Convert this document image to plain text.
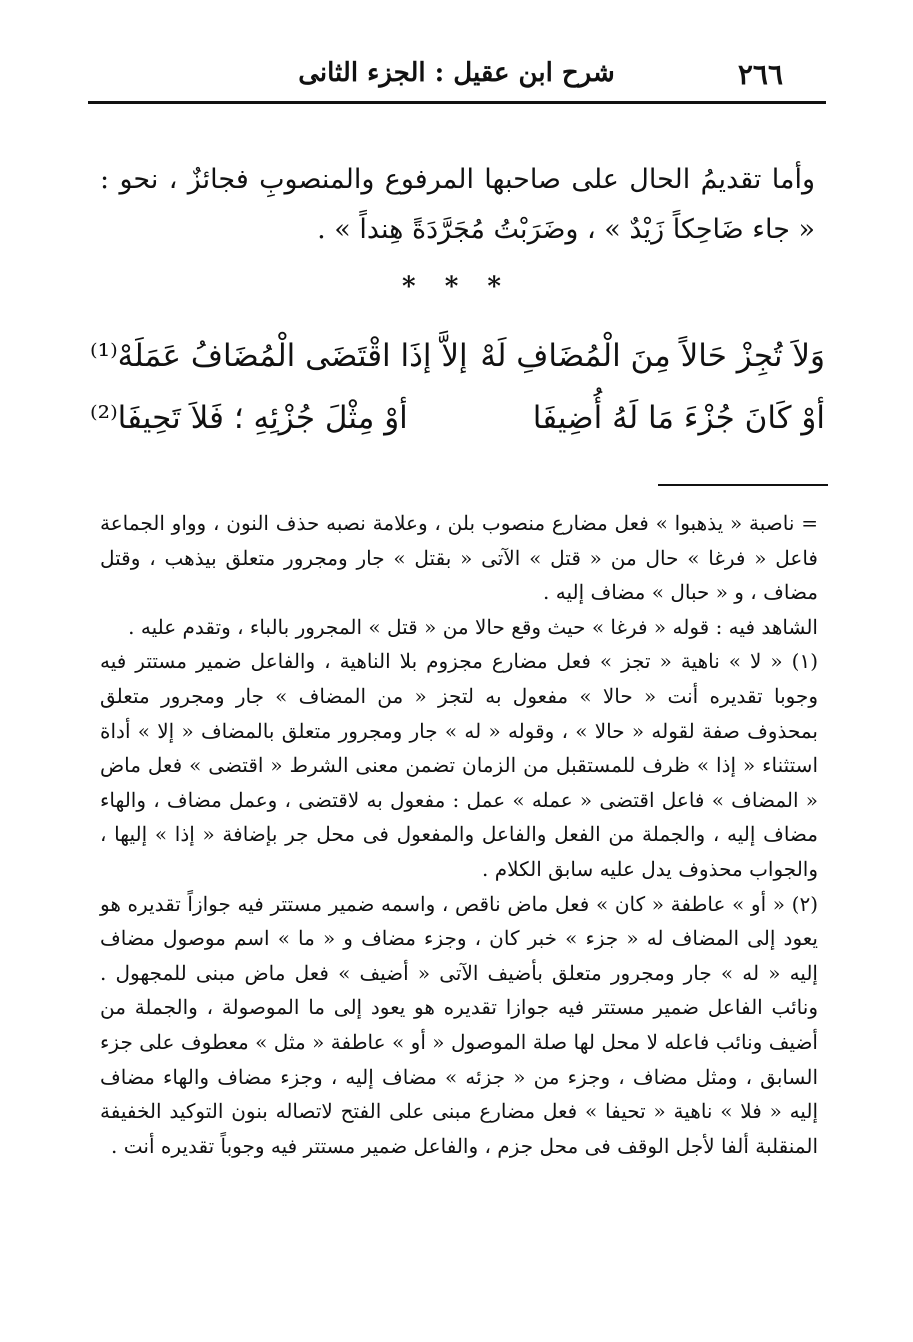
٢٦٦
شرح ابن عقيل : الجزء الثانى

وأما تقديمُ الحال على صاحبها المرفوع والمنصوبِ فجائزٌ ، نحو : « جاء ضَاحِكاً زَيْدٌ » ، وضَرَبْتُ مُجَرَّدَةً هِنداً » .

* * *
وَلاَ تُجِزْ حَالاً مِنَ الْمُضَافِ لَهْ
إلاَّ إذَا اقْتَضَى الْمُضَافُ عَمَلَهْ⁽¹⁾
أوْ كَانَ جُزْءَ مَا لَهُ أُضِيفَا
أوْ مِثْلَ جُزْئِهِ ؛ فَلاَ تَحِيفَا⁽²⁾

= ناصبة « يذهبوا » فعل مضارع منصوب بلن ، وعلامة نصبه حذف النون ، وواو الجماعة فاعل « فرغا » حال من « قتل » الآتى « بقتل » جار ومجرور متعلق بيذهب ، وقتل مضاف ، و « حبال » مضاف إليه .

الشاهد فيه : قوله « فرغا » حيث وقع حالا من « قتل » المجرور بالباء ، وتقدم عليه .

(١) « لا » ناهية « تجز » فعل مضارع مجزوم بلا الناهية ، والفاعل ضمير مستتر فيه وجوبا تقديره أنت « حالا » مفعول به لتجز « من المضاف » جار ومجرور متعلق بمحذوف صفة لقوله « حالا » ، وقوله « له » جار ومجرور متعلق بالمضاف « إلا » أداة استثناء « إذا » ظرف للمستقبل من الزمان تضمن معنى الشرط « اقتضى » فعل ماض « المضاف » فاعل اقتضى « عمله » عمل : مفعول به لاقتضى ، وعمل مضاف ، والهاء مضاف إليه ، والجملة من الفعل والفاعل والمفعول فى محل جر بإضافة « إذا » إليها ، والجواب محذوف يدل عليه سابق الكلام .

(٢) « أو » عاطفة « كان » فعل ماض ناقص ، واسمه ضمير مستتر فيه جوازاً تقديره هو يعود إلى المضاف له « جزء » خبر كان ، وجزء مضاف و « ما » اسم موصول مضاف إليه « له » جار ومجرور متعلق بأضيف الآتى « أضيف » فعل ماض مبنى للمجهول . ونائب الفاعل ضمير مستتر فيه جوازا تقديره هو يعود إلى ما الموصولة ، والجملة من أضيف ونائب فاعله لا محل لها صلة الموصول « أو » عاطفة « مثل » معطوف على جزء السابق ، ومثل مضاف ، وجزء من « جزئه » مضاف إليه ، وجزء مضاف والهاء مضاف إليه « فلا » ناهية « تحيفا » فعل مضارع مبنى على الفتح لاتصاله بنون التوكيد الخفيفة المنقلبة ألفا لأجل الوقف فى محل جزم ، والفاعل ضمير مستتر فيه وجوباً تقديره أنت .
